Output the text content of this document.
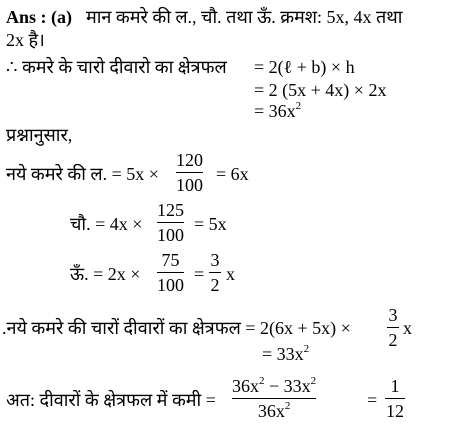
Ans : (a) मान कमरे की ल., चौ. तथा ऊँ. क्रमश: 5x, 4x तथा
2x है।
∴ कमरे के चारो दीवारो का क्षेत्रफल = 2(ℓ + b) × h
= 2 (5x + 4x) × 2x
= $36x^2$
प्रश्नानुसार,
नये कमरे की ल. = 5x ×
120
100
= 6x
चौ. = 4x ×
125
100
= 5x
ऊँ. = 2x ×
75
100
=
3
2
x
.नये कमरे की चारों दीवारों का क्षेत्रफल = 2(6x + 5x) ×
3
2
x
= $33x^2$
अत: दीवारों के क्षेत्रफल में कमी =
$36x^2 - 33x^2$
$36x^2$	=
1
12
